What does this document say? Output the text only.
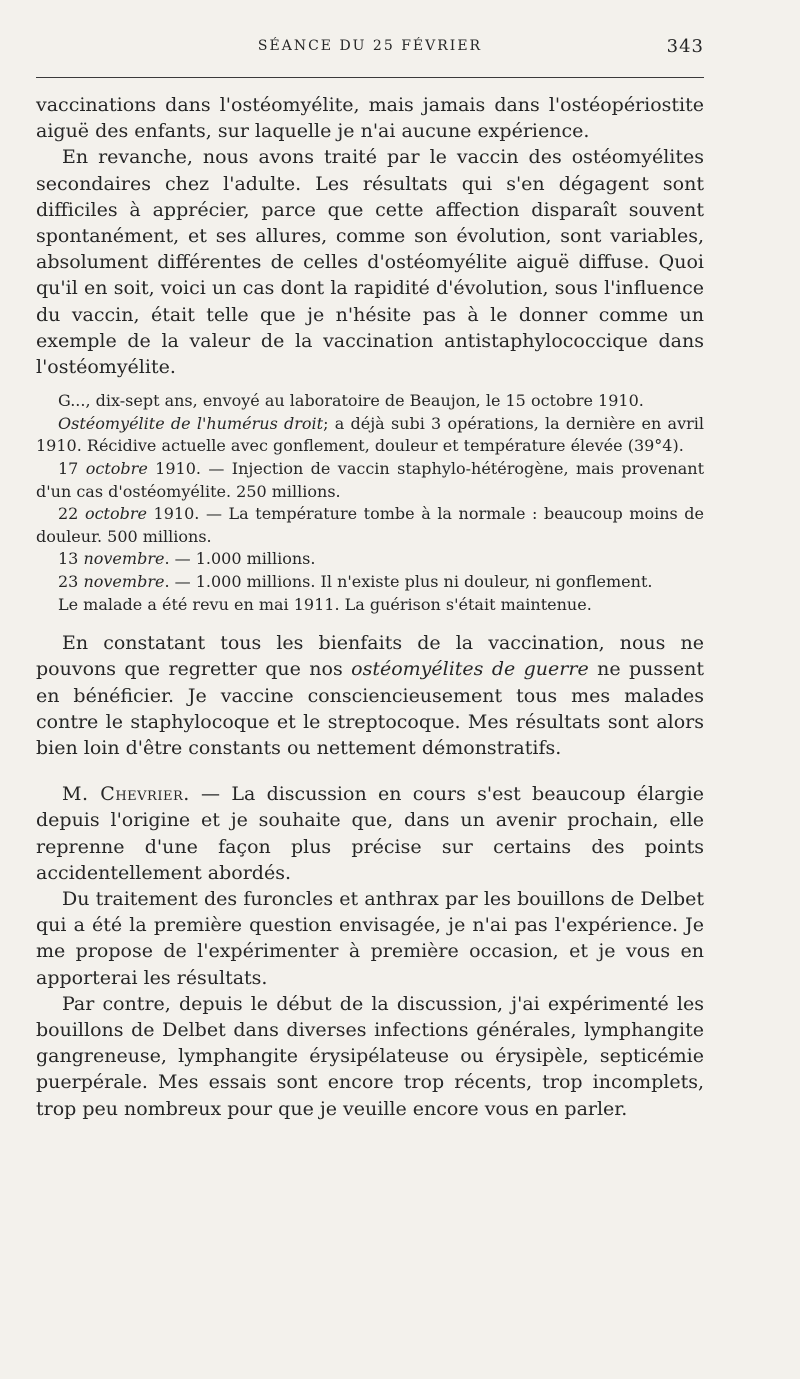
SÉANCE DU 25 FÉVRIER	343

vaccinations dans l'ostéomyélite, mais jamais dans l'ostéopériostite aiguë des enfants, sur laquelle je n'ai aucune expérience.

En revanche, nous avons traité par le vaccin des ostéomyélites secondaires chez l'adulte. Les résultats qui s'en dégagent sont difficiles à apprécier, parce que cette affection disparaît souvent spontanément, et ses allures, comme son évolution, sont variables, absolument différentes de celles d'ostéomyélite aiguë diffuse. Quoi qu'il en soit, voici un cas dont la rapidité d'évolution, sous l'influence du vaccin, était telle que je n'hésite pas à le donner comme un exemple de la valeur de la vaccination antistaphylococcique dans l'ostéomyélite.

G..., dix-sept ans, envoyé au laboratoire de Beaujon, le 15 octobre 1910.

Ostéomyélite de l'humérus droit; a déjà subi 3 opérations, la dernière en avril 1910. Récidive actuelle avec gonflement, douleur et température élevée (39°4).

17 octobre 1910. — Injection de vaccin staphylo-hétérogène, mais provenant d'un cas d'ostéomyélite. 250 millions.

22 octobre 1910. — La température tombe à la normale : beaucoup moins de douleur. 500 millions.

13 novembre. — 1.000 millions.

23 novembre. — 1.000 millions. Il n'existe plus ni douleur, ni gonflement.

Le malade a été revu en mai 1911. La guérison s'était maintenue.

En constatant tous les bienfaits de la vaccination, nous ne pouvons que regretter que nos ostéomyélites de guerre ne pussent en bénéficier. Je vaccine consciencieusement tous mes malades contre le staphylocoque et le streptocoque. Mes résultats sont alors bien loin d'être constants ou nettement démonstratifs.

M. Chevrier. — La discussion en cours s'est beaucoup élargie depuis l'origine et je souhaite que, dans un avenir prochain, elle reprenne d'une façon plus précise sur certains des points accidentellement abordés.

Du traitement des furoncles et anthrax par les bouillons de Delbet qui a été la première question envisagée, je n'ai pas l'expérience. Je me propose de l'expérimenter à première occasion, et je vous en apporterai les résultats.

Par contre, depuis le début de la discussion, j'ai expérimenté les bouillons de Delbet dans diverses infections générales, lymphangite gangreneuse, lymphangite érysipélateuse ou érysipèle, septicémie puerpérale. Mes essais sont encore trop récents, trop incomplets, trop peu nombreux pour que je veuille encore vous en parler.
